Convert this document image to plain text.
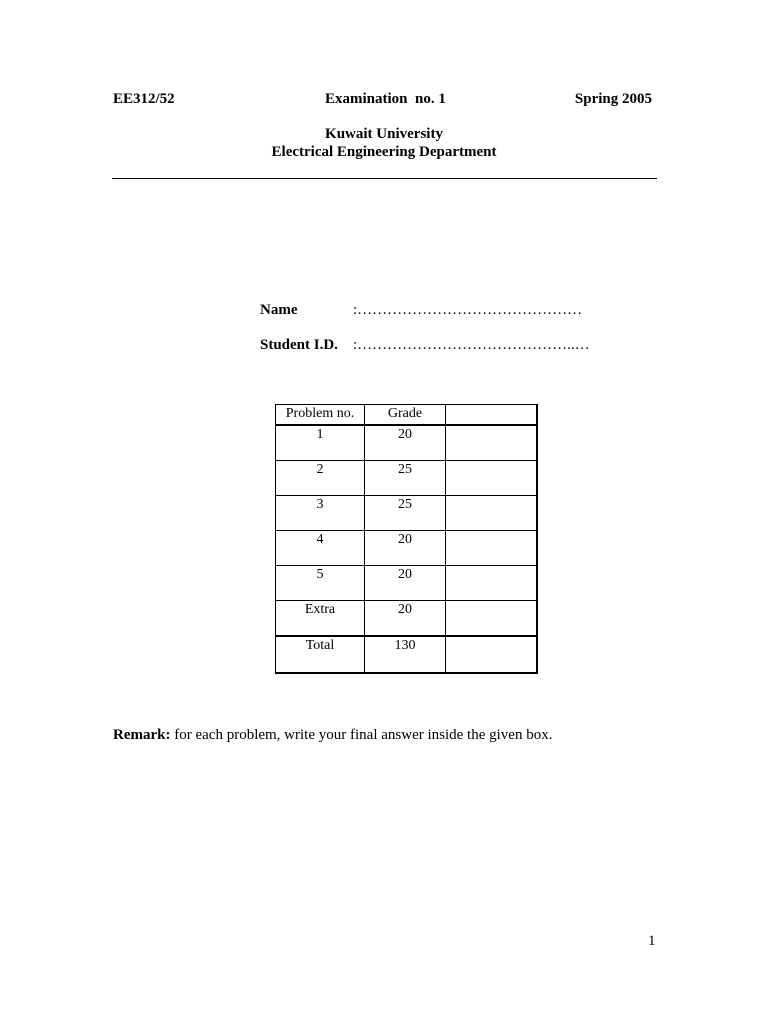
EE312/52	Examination  no. 1	Spring 2005
Kuwait University
Electrical Engineering Department

Name	:………………………………………

Student I.D. :……………………………………..…

Problem no.	Grade	
1	20	
2	25	
3	25	
4	20	
5	20	
Extra	20	
Total	130	
Remark: for each problem, write your final answer inside the given box.
1
